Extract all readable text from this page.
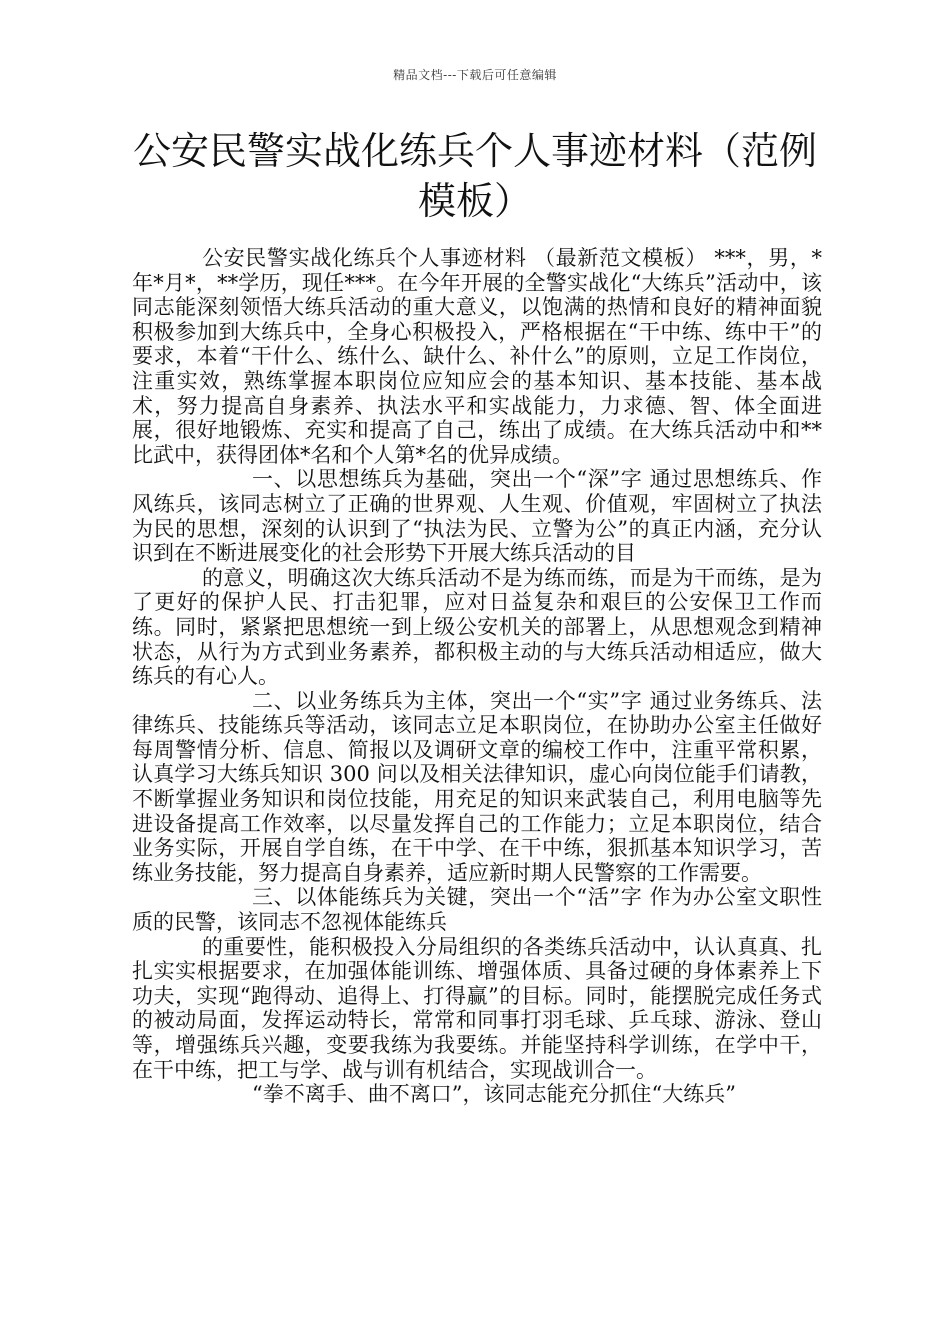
精品文档---下载后可任意编辑
公安民警实战化练兵个人事迹材料（范例模板）

公安民警实战化练兵个人事迹材料 （最新范文模板） ***，男，*年*月*，**学历，现任***。在今年开展的全警实战化“大练兵”活动中，该同志能深刻领悟大练兵活动的重大意义，以饱满的热情和良好的精神面貌积极参加到大练兵中，全身心积极投入，严格根据在“干中练、练中干”的要求，本着“干什么、练什么、缺什么、补什么”的原则，立足工作岗位，注重实效，熟练掌握本职岗位应知应会的基本知识、基本技能、基本战术，努力提高自身素养、执法水平和实战能力，力求德、智、体全面进展，很好地锻炼、充实和提高了自己，练出了成绩。在大练兵活动中和**比武中，获得团体*名和个人第*名的优异成绩。

一、以思想练兵为基础，突出一个“深”字 通过思想练兵、作风练兵，该同志树立了正确的世界观、人生观、价值观，牢固树立了执法为民的思想，深刻的认识到了“执法为民、立警为公”的真正内涵，充分认识到在不断进展变化的社会形势下开展大练兵活动的目

的意义，明确这次大练兵活动不是为练而练，而是为干而练，是为了更好的保护人民、打击犯罪，应对日益复杂和艰巨的公安保卫工作而练。同时，紧紧把思想统一到上级公安机关的部署上，从思想观念到精神状态，从行为方式到业务素养，都积极主动的与大练兵活动相适应，做大练兵的有心人。

二、以业务练兵为主体，突出一个“实”字 通过业务练兵、法律练兵、技能练兵等活动，该同志立足本职岗位，在协助办公室主任做好每周警情分析、信息、简报以及调研文章的编校工作中，注重平常积累，认真学习大练兵知识 300 问以及相关法律知识，虚心向岗位能手们请教，不断掌握业务知识和岗位技能，用充足的知识来武装自己，利用电脑等先进设备提高工作效率，以尽量发挥自己的工作能力；立足本职岗位，结合业务实际，开展自学自练，在干中学、在干中练，狠抓基本知识学习，苦练业务技能，努力提高自身素养，适应新时期人民警察的工作需要。

三、以体能练兵为关键，突出一个“活”字 作为办公室文职性质的民警，该同志不忽视体能练兵

的重要性，能积极投入分局组织的各类练兵活动中，认认真真、扎扎实实根据要求，在加强体能训练、增强体质、具备过硬的身体素养上下功夫，实现“跑得动、追得上、打得赢”的目标。同时，能摆脱完成任务式的被动局面，发挥运动特长，常常和同事打羽毛球、乒乓球、游泳、登山等，增强练兵兴趣，变要我练为我要练。并能坚持科学训练，在学中干，在干中练，把工与学、战与训有机结合，实现战训合一。

“拳不离手、曲不离口”，该同志能充分抓住“大练兵”
